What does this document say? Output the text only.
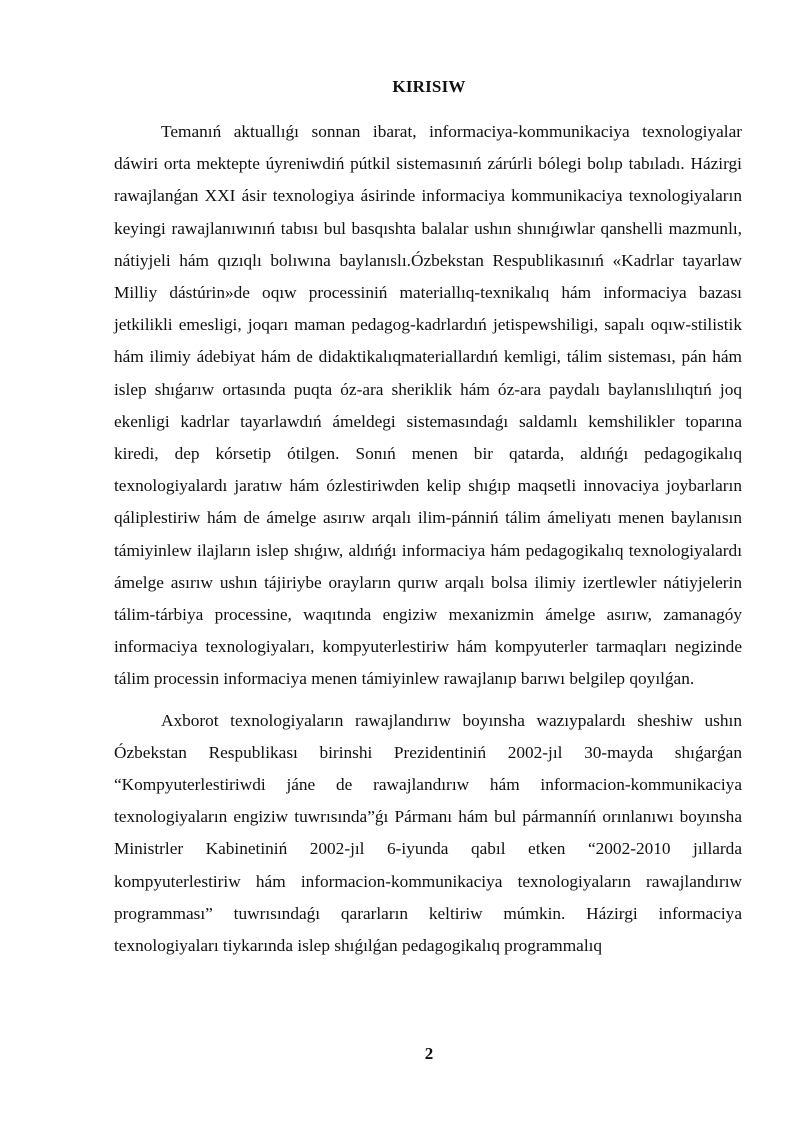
KIRISIW

Temanıń aktuallıǵı sonnan ibarat, informaciya-kommunikaciya texnologiyalar dáwiri orta mektepte úyreniwdiń pútkil sistemasınıń zárúrli bólegi bolıp tabıladı. Házirgi rawajlanǵan XXI ásir texnologiya ásirinde informaciya kommunikaciya texnologiyaların keyingi rawajlanıwınıń tabısı bul basqıshta balalar ushın shınıǵıwlar qanshelli mazmunlı, nátiyjeli hám qızıqlı bolıwına baylanıslı.Ózbekstan Respublikasınıń «Kadrlar tayarlaw Milliy dástúrin»de oqıw processiniń materiallıq-texnikalıq hám informaciya bazası jetkilikli emesligi, joqarı maman pedagog-kadrlardıń jetispewshiligi, sapalı oqıw-stilistik hám ilimiy ádebiyat hám de didaktikalıqmateriallardıń kemligi, tálim sisteması, pán hám islep shıǵarıw ortasında puqta óz-ara sheriklik hám óz-ara paydalı baylanıslılıqtıń joq ekenligi kadrlar tayarlawdıń ámeldegi sistemasındaǵı saldamlı kemshilikler toparına kiredi, dep kórsetip ótilgen. Sonıń menen bir qatarda, aldıńǵı pedagogikalıq texnologiyalardı jaratıw hám ózlestiriwden kelip shıǵıp maqsetli innovaciya joybarların qáliplestiriw hám de ámelge asırıw arqalı ilim-pánniń tálim ámeliyatı menen baylanısın támiyinlew ilajların islep shıǵıw, aldıńǵı informaciya hám pedagogikalıq texnologiyalardı ámelge asırıw ushın tájiriybe orayların qurıw arqalı bolsa ilimiy izertlewler nátiyjelerin tálim-tárbiya processine, waqıtında engiziw mexanizmin ámelge asırıw, zamanagóy informaciya texnologiyaları, kompyuterlestiriw hám kompyuterler tarmaqları negizinde tálim processin informaciya menen támiyinlew rawajlanıp barıwı belgilep qoyılǵan.

Axborot texnologiyaların rawajlandırıw boyınsha wazıypalardı sheshiw ushın Ózbekstan Respublikası birinshi Prezidentiniń 2002-jıl 30-mayda shıǵarǵan “Kompyuterlestiriwdi jáne de rawajlandırıw hám informacion-kommunikaciya texnologiyaların engiziw tuwrısında”ǵı Pármanı hám bul pármanníń orınlanıwı boyınsha Ministrler Kabinetiniń 2002-jıl 6-iyunda qabıl etken “2002-2010 jıllarda kompyuterlestiriw hám informacion-kommunikaciya texnologiyaların rawajlandırıw programması” tuwrısındaǵı qararların keltiriw múmkin. Házirgi informaciya texnologiyaları tiykarında islep shıǵılǵan pedagogikalıq programmalıq

2
